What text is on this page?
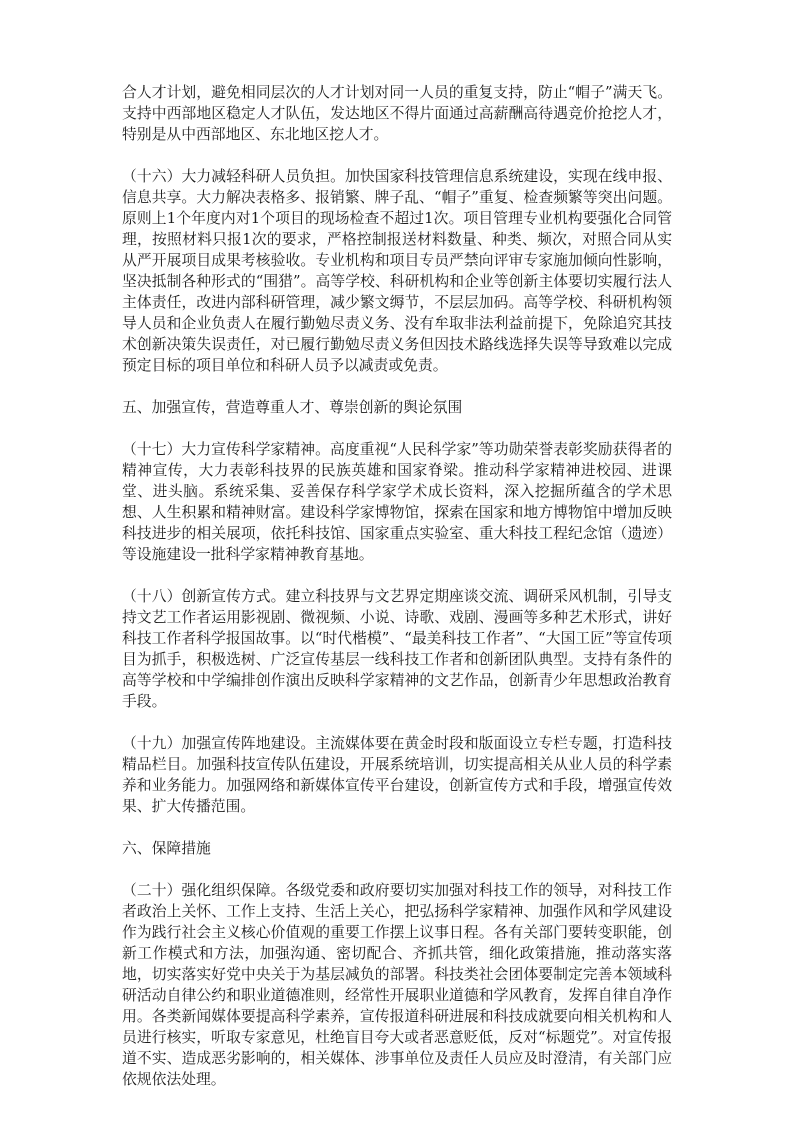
合人才计划，避免相同层次的人才计划对同一人员的重复支持，防止“帽子”满天飞。支持中西部地区稳定人才队伍，发达地区不得片面通过高薪酬高待遇竞价抢挖人才，特别是从中西部地区、东北地区挖人才。

（十六）大力减轻科研人员负担。加快国家科技管理信息系统建设，实现在线申报、信息共享。大力解决表格多、报销繁、牌子乱、“帽子”重复、检查频繁等突出问题。原则上1个年度内对1个项目的现场检查不超过1次。项目管理专业机构要强化合同管理，按照材料只报1次的要求，严格控制报送材料数量、种类、频次，对照合同从实从严开展项目成果考核验收。专业机构和项目专员严禁向评审专家施加倾向性影响，坚决抵制各种形式的“围猎”。高等学校、科研机构和企业等创新主体要切实履行法人主体责任，改进内部科研管理，减少繁文缛节，不层层加码。高等学校、科研机构领导人员和企业负责人在履行勤勉尽责义务、没有牟取非法利益前提下，免除追究其技术创新决策失误责任，对已履行勤勉尽责义务但因技术路线选择失误等导致难以完成预定目标的项目单位和科研人员予以减责或免责。

五、加强宣传，营造尊重人才、尊崇创新的舆论氛围

（十七）大力宣传科学家精神。高度重视“人民科学家”等功勋荣誉表彰奖励获得者的精神宣传，大力表彰科技界的民族英雄和国家脊梁。推动科学家精神进校园、进课堂、进头脑。系统采集、妥善保存科学家学术成长资料，深入挖掘所蕴含的学术思想、人生积累和精神财富。建设科学家博物馆，探索在国家和地方博物馆中增加反映科技进步的相关展项，依托科技馆、国家重点实验室、重大科技工程纪念馆（遗迹）等设施建设一批科学家精神教育基地。

（十八）创新宣传方式。建立科技界与文艺界定期座谈交流、调研采风机制，引导支持文艺工作者运用影视剧、微视频、小说、诗歌、戏剧、漫画等多种艺术形式，讲好科技工作者科学报国故事。以“时代楷模”、“最美科技工作者”、“大国工匠”等宣传项目为抓手，积极选树、广泛宣传基层一线科技工作者和创新团队典型。支持有条件的高等学校和中学编排创作演出反映科学家精神的文艺作品，创新青少年思想政治教育手段。

（十九）加强宣传阵地建设。主流媒体要在黄金时段和版面设立专栏专题，打造科技精品栏目。加强科技宣传队伍建设，开展系统培训，切实提高相关从业人员的科学素养和业务能力。加强网络和新媒体宣传平台建设，创新宣传方式和手段，增强宣传效果、扩大传播范围。

六、保障措施

（二十）强化组织保障。各级党委和政府要切实加强对科技工作的领导，对科技工作者政治上关怀、工作上支持、生活上关心，把弘扬科学家精神、加强作风和学风建设作为践行社会主义核心价值观的重要工作摆上议事日程。各有关部门要转变职能，创新工作模式和方法，加强沟通、密切配合、齐抓共管，细化政策措施，推动落实落地，切实落实好党中央关于为基层减负的部署。科技类社会团体要制定完善本领域科研活动自律公约和职业道德准则，经常性开展职业道德和学风教育，发挥自律自净作用。各类新闻媒体要提高科学素养，宣传报道科研进展和科技成就要向相关机构和人员进行核实，听取专家意见，杜绝盲目夸大或者恶意贬低，反对“标题党”。对宣传报道不实、造成恶劣影响的，相关媒体、涉事单位及责任人员应及时澄清，有关部门应依规依法处理。
